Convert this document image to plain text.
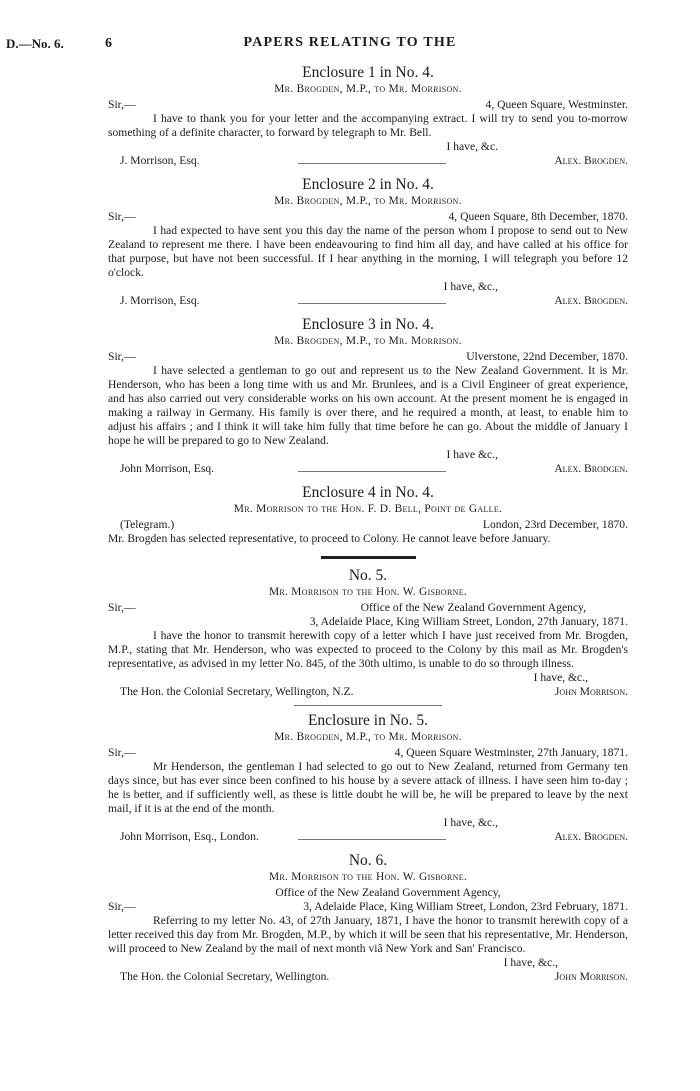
D.—No. 6.	6	PAPERS RELATING TO THE
Enclosure 1 in No. 4.
Mr. Brogden, M.P., to Mr. Morrison.
Sir,—	4, Queen Square, Westminster.
I have to thank you for your letter and the accompanying extract. I will try to send you to-morrow something of a definite character, to forward by telegraph to Mr. Bell.
I have, &c.
J. Morrison, Esq.	Alex. Brogden.
Enclosure 2 in No. 4.
Mr. Brogden, M.P., to Mr. Morrison.
Sir,—	4, Queen Square, 8th December, 1870.
I had expected to have sent you this day the name of the person whom I propose to send out to New Zealand to represent me there. I have been endeavouring to find him all day, and have called at his office for that purpose, but have not been successful. If I hear anything in the morning, I will telegraph you before 12 o'clock.
I have, &c.,
J. Morrison, Esq.	Alex. Brogden.
Enclosure 3 in No. 4.
Mr. Brogden, M.P., to Mr. Morrison.
Sir,—	Ulverstone, 22nd December, 1870.
I have selected a gentleman to go out and represent us to the New Zealand Government. It is Mr. Henderson, who has been a long time with us and Mr. Brunlees, and is a Civil Engineer of great experience, and has also carried out very considerable works on his own account. At the present moment he is engaged in making a railway in Germany. His family is over there, and he required a month, at least, to enable him to adjust his affairs ; and I think it will take him fully that time before he can go. About the middle of January I hope he will be prepared to go to New Zealand.
I have &c.,
John Morrison, Esq.	Alex. Brodgen.
Enclosure 4 in No. 4.
Mr. Morrison to the Hon. F. D. Bell, Point de Galle.
(Telegram.)	London, 23rd December, 1870.
Mr. Brogden has selected representative, to proceed to Colony. He cannot leave before January.
No. 5.
Mr. Morrison to the Hon. W. Gisborne.
Sir,—	Office of the New Zealand Government Agency,
3, Adelaide Place, King William Street, London, 27th January, 1871.
I have the honor to transmit herewith copy of a letter which I have just received from Mr. Brogden, M.P., stating that Mr. Henderson, who was expected to proceed to the Colony by this mail as Mr. Brogden's representative, as advised in my letter No. 845, of the 30th ultimo, is unable to do so through illness.
I have, &c.,
The Hon. the Colonial Secretary, Wellington, N.Z.	John Morrison.
Enclosure in No. 5.
Mr. Brogden, M.P., to Mr. Morrison.
Sir,—	4, Queen Square Westminster, 27th January, 1871.
Mr Henderson, the gentleman I had selected to go out to New Zealand, returned from Germany ten days since, but has ever since been confined to his house by a severe attack of illness. I have seen him to-day ; he is better, and if sufficiently well, as these is little doubt he will be, he will be prepared to leave by the next mail, if it is at the end of the month.
I have, &c.,
John Morrison, Esq., London.	Alex. Brogden.
No. 6.
Mr. Morrison to the Hon. W. Gisborne.
Office of the New Zealand Government Agency,
Sir,—	3, Adelaide Place, King William Street, London, 23rd February, 1871.
Referring to my letter No. 43, of 27th January, 1871, I have the honor to transmit herewith copy of a letter received this day from Mr. Brogden, M.P., by which it will be seen that his representative, Mr. Henderson, will proceed to New Zealand by the mail of next month viâ New York and San' Francisco.
I have, &c.,
The Hon. the Colonial Secretary, Wellington.	John Morrison.
